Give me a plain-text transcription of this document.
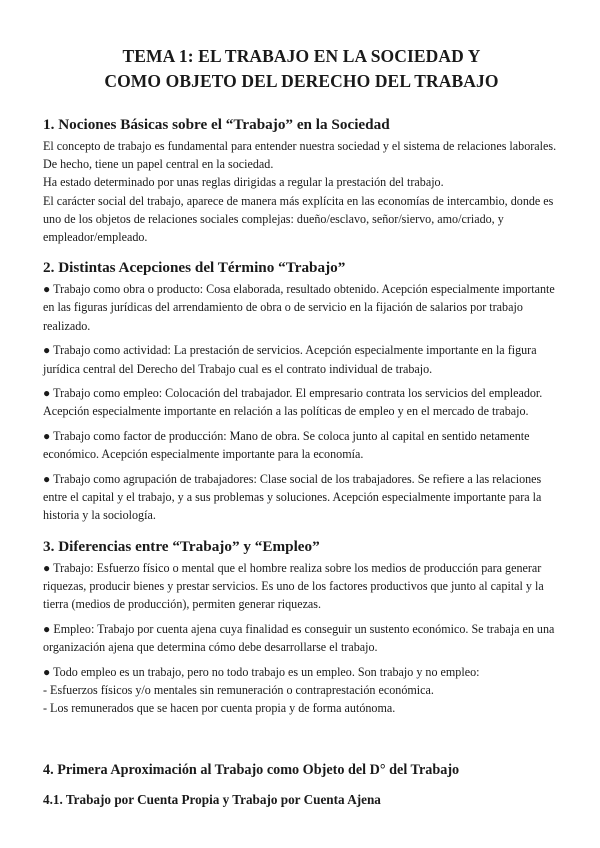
TEMA 1: EL TRABAJO EN LA SOCIEDAD Y
COMO OBJETO DEL DERECHO DEL TRABAJO
1. Nociones Básicas sobre el “Trabajo” en la Sociedad

El concepto de trabajo es fundamental para entender nuestra sociedad y el sistema de relaciones laborales. De hecho, tiene un papel central en la sociedad.

Ha estado determinado por unas reglas dirigidas a regular la prestación del trabajo.

El carácter social del trabajo, aparece de manera más explícita en las economías de intercambio, donde es uno de los objetos de relaciones sociales complejas: dueño/esclavo, señor/siervo, amo/criado, y empleador/empleado.

2. Distintas Acepciones del Término “Trabajo”

● Trabajo como obra o producto: Cosa elaborada, resultado obtenido. Acepción especialmente importante en las figuras jurídicas del arrendamiento de obra o de servicio en la fijación de salarios por trabajo realizado.

● Trabajo como actividad: La prestación de servicios. Acepción especialmente importante en la figura jurídica central del Derecho del Trabajo cual es el contrato individual de trabajo.

● Trabajo como empleo: Colocación del trabajador. El empresario contrata los servicios del empleador. Acepción especialmente importante en relación a las políticas de empleo y en el mercado de trabajo.

● Trabajo como factor de producción: Mano de obra. Se coloca junto al capital en sentido netamente económico. Acepción especialmente importante para la economía.

● Trabajo como agrupación de trabajadores: Clase social de los trabajadores. Se refiere a las relaciones entre el capital y el trabajo, y a sus problemas y soluciones. Acepción especialmente importante para la historia y la sociología.

3. Diferencias entre “Trabajo” y “Empleo”

● Trabajo: Esfuerzo físico o mental que el hombre realiza sobre los medios de producción para generar riquezas, producir bienes y prestar servicios. Es uno de los factores productivos que junto al capital y la tierra (medios de producción), permiten generar riquezas.

● Empleo: Trabajo por cuenta ajena cuya finalidad es conseguir un sustento económico. Se trabaja en una organización ajena que determina cómo debe desarrollarse el trabajo.

● Todo empleo es un trabajo, pero no todo trabajo es un empleo. Son trabajo y no empleo:

- Esfuerzos físicos y/o mentales sin remuneración o contraprestación económica.

- Los remunerados que se hacen por cuenta propia y de forma autónoma.

4. Primera Aproximación al Trabajo como Objeto del D° del Trabajo
4.1. Trabajo por Cuenta Propia y Trabajo por Cuenta Ajena
